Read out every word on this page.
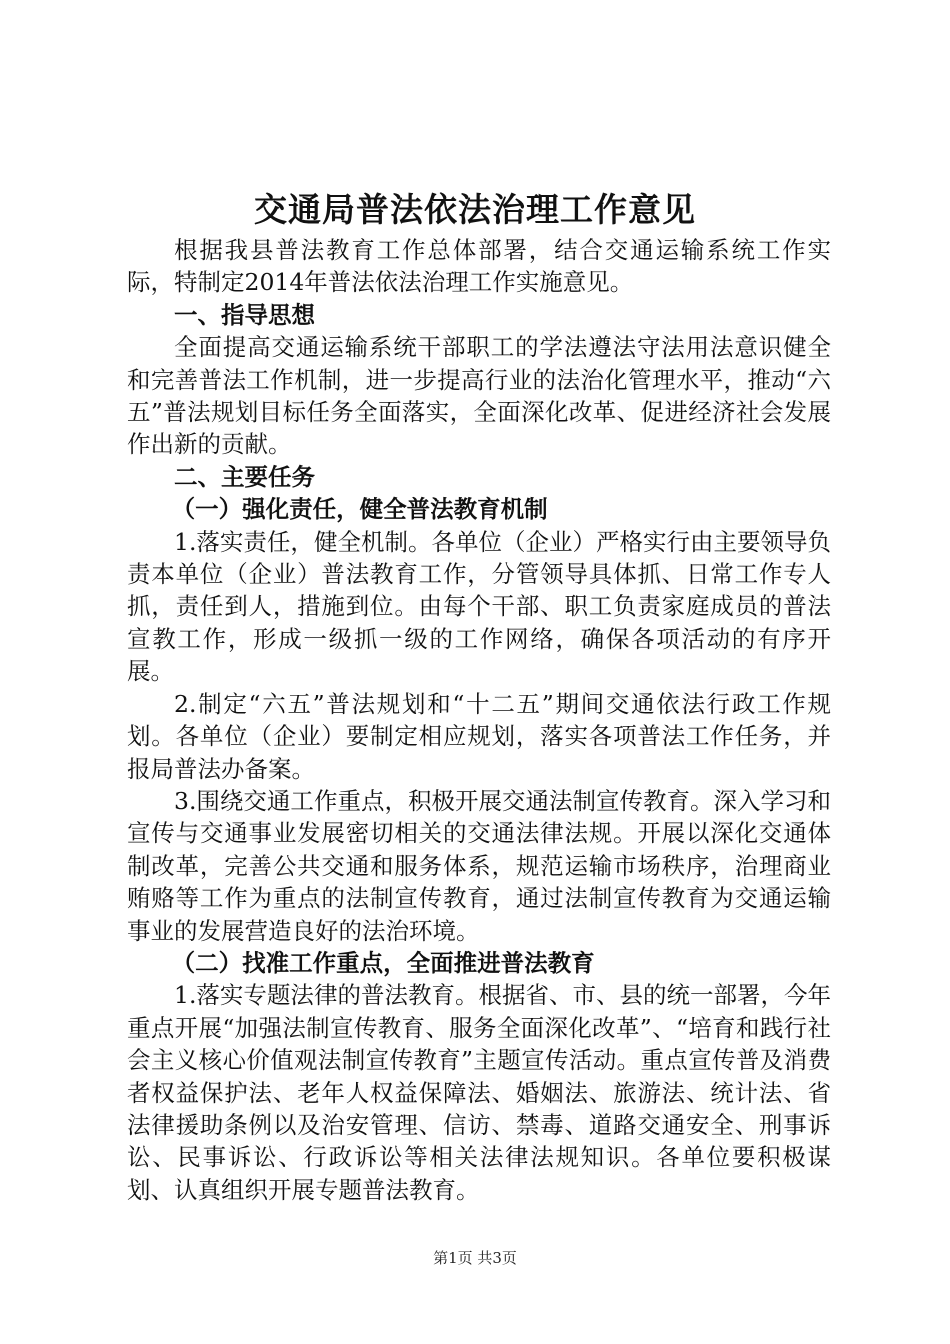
交通局普法依法治理工作意见

根据我县普法教育工作总体部署，结合交通运输系统工作实际，特制定2014年普法依法治理工作实施意见。

一、指导思想

全面提高交通运输系统干部职工的学法遵法守法用法意识健全和完善普法工作机制，进一步提高行业的法治化管理水平，推动“六五”普法规划目标任务全面落实，全面深化改革、促进经济社会发展作出新的贡献。

二、主要任务
（一）强化责任，健全普法教育机制

1.落实责任，健全机制。各单位（企业）严格实行由主要领导负责本单位（企业）普法教育工作，分管领导具体抓、日常工作专人抓，责任到人，措施到位。由每个干部、职工负责家庭成员的普法宣教工作，形成一级抓一级的工作网络，确保各项活动的有序开展。

2.制定“六五”普法规划和“十二五”期间交通依法行政工作规划。各单位（企业）要制定相应规划，落实各项普法工作任务，并报局普法办备案。

3.围绕交通工作重点，积极开展交通法制宣传教育。深入学习和宣传与交通事业发展密切相关的交通法律法规。开展以深化交通体制改革，完善公共交通和服务体系，规范运输市场秩序，治理商业贿赂等工作为重点的法制宣传教育，通过法制宣传教育为交通运输事业的发展营造良好的法治环境。

（二）找准工作重点，全面推进普法教育

1.落实专题法律的普法教育。根据省、市、县的统一部署，今年重点开展“加强法制宣传教育、服务全面深化改革”、“培育和践行社会主义核心价值观法制宣传教育”主题宣传活动。重点宣传普及消费者权益保护法、老年人权益保障法、婚姻法、旅游法、统计法、省法律援助条例以及治安管理、信访、禁毒、道路交通安全、刑事诉讼、民事诉讼、行政诉讼等相关法律法规知识。各单位要积极谋划、认真组织开展专题普法教育。

第1页 共3页
